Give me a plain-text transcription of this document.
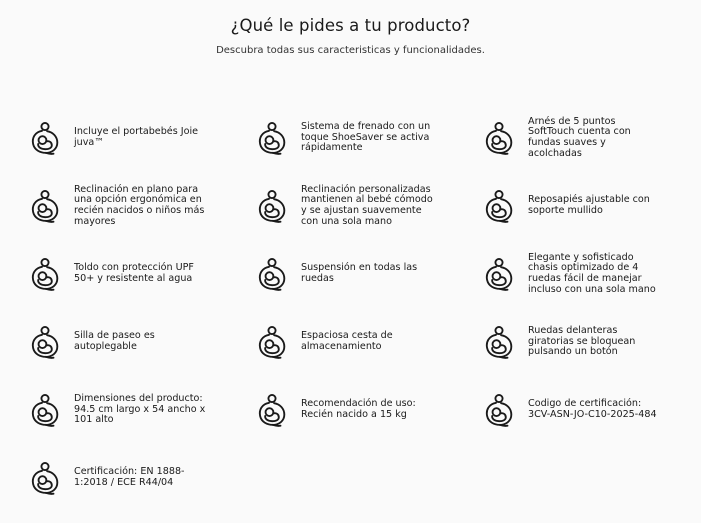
¿Qué le pides a tu producto?

Descubra todas sus caracteristicas y funcionalidades.

Incluye el portabebés Joie juva™
Sistema de frenado con un toque ShoeSaver se activa rápidamente
Arnés de 5 puntos SoftTouch cuenta con fundas suaves y acolchadas
Reclinación en plano para una opción ergonómica en recién nacidos o niños más mayores
Reclinación personalizadas mantienen al bebé cómodo y se ajustan suavemente con una sola mano
Reposapiés ajustable con soporte mullido
Toldo con protección UPF 50+ y resistente al agua
Suspensión en todas las ruedas
Elegante y sofisticado chasis optimizado de 4 ruedas fácil de manejar incluso con una sola mano
Silla de paseo es autoplegable
Espaciosa cesta de almacenamiento
Ruedas delanteras giratorias se bloquean pulsando un botón
Dimensiones del producto: 94.5 cm largo x 54 ancho x 101 alto
Recomendación de uso: Recién nacido a 15 kg
Codigo de certificación: 3CV-ASN-JO-C10-2025-484
Certificación: EN 1888-1:2018 / ECE R44/04
